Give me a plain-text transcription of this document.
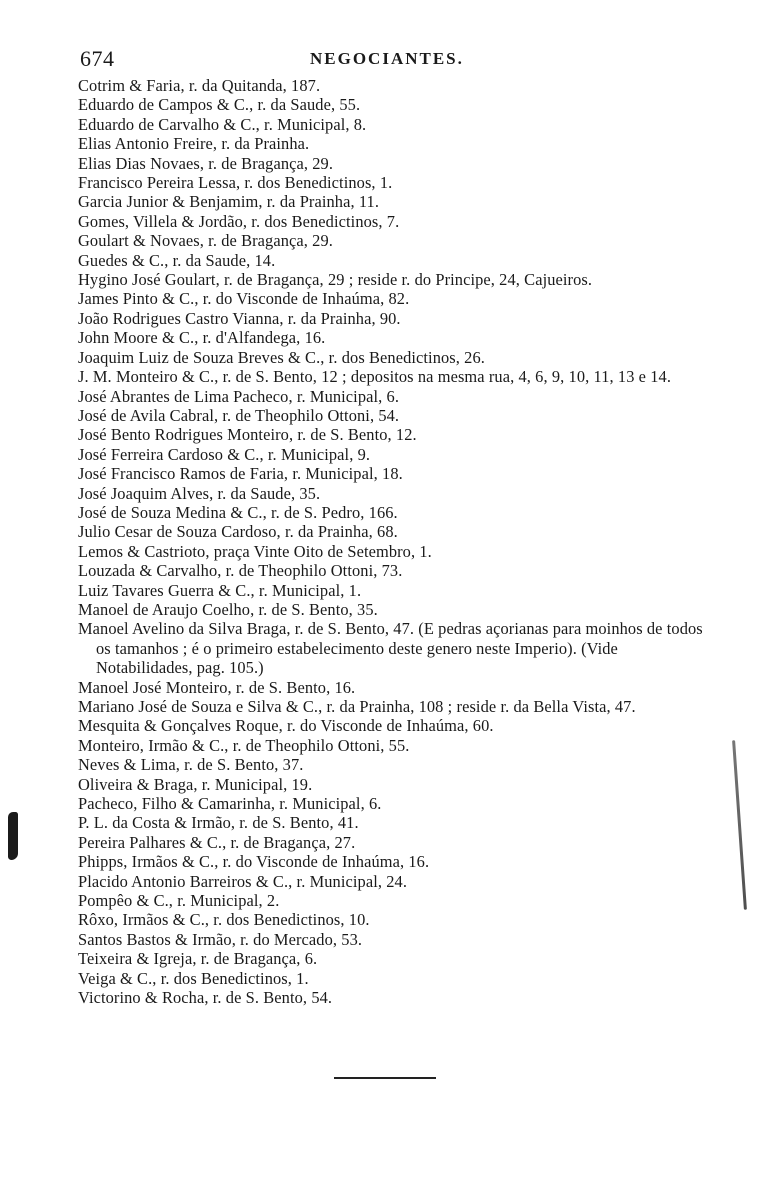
674	NEGOCIANTES.
Cotrim & Faria, r. da Quitanda, 187.
Eduardo de Campos & C., r. da Saude, 55.
Eduardo de Carvalho & C., r. Municipal, 8.
Elias Antonio Freire, r. da Prainha.
Elias Dias Novaes, r. de Bragança, 29.
Francisco Pereira Lessa, r. dos Benedictinos, 1.
Garcia Junior & Benjamim, r. da Prainha, 11.
Gomes, Villela & Jordão, r. dos Benedictinos, 7.
Goulart & Novaes, r. de Bragança, 29.
Guedes & C., r. da Saude, 14.
Hygino José Goulart, r. de Bragança, 29 ; reside r. do Principe, 24, Cajueiros.
James Pinto & C., r. do Visconde de Inhaúma, 82.
João Rodrigues Castro Vianna, r. da Prainha, 90.
John Moore & C., r. d'Alfandega, 16.
Joaquim Luiz de Souza Breves & C., r. dos Benedictinos, 26.
J. M. Monteiro & C., r. de S. Bento, 12 ; depositos na mesma rua, 4, 6, 9, 10, 11, 13 e 14.
José Abrantes de Lima Pacheco, r. Municipal, 6.
José de Avila Cabral, r. de Theophilo Ottoni, 54.
José Bento Rodrigues Monteiro, r. de S. Bento, 12.
José Ferreira Cardoso & C., r. Municipal, 9.
José Francisco Ramos de Faria, r. Municipal, 18.
José Joaquim Alves, r. da Saude, 35.
José de Souza Medina & C., r. de S. Pedro, 166.
Julio Cesar de Souza Cardoso, r. da Prainha, 68.
Lemos & Castrioto, praça Vinte Oito de Setembro, 1.
Louzada & Carvalho, r. de Theophilo Ottoni, 73.
Luiz Tavares Guerra & C., r. Municipal, 1.
Manoel de Araujo Coelho, r. de S. Bento, 35.
Manoel Avelino da Silva Braga, r. de S. Bento, 47. (E pedras açorianas para moinhos de todos os tamanhos ; é o primeiro estabelecimento deste genero neste Imperio). (Vide Notabilidades, pag. 105.)
Manoel José Monteiro, r. de S. Bento, 16.
Mariano José de Souza e Silva & C., r. da Prainha, 108 ; reside r. da Bella Vista, 47.
Mesquita & Gonçalves Roque, r. do Visconde de Inhaúma, 60.
Monteiro, Irmão & C., r. de Theophilo Ottoni, 55.
Neves & Lima, r. de S. Bento, 37.
Oliveira & Braga, r. Municipal, 19.
Pacheco, Filho & Camarinha, r. Municipal, 6.
P. L. da Costa & Irmão, r. de S. Bento, 41.
Pereira Palhares & C., r. de Bragança, 27.
Phipps, Irmãos & C., r. do Visconde de Inhaúma, 16.
Placido Antonio Barreiros & C., r. Municipal, 24.
Pompêo & C., r. Municipal, 2.
Rôxo, Irmãos & C., r. dos Benedictinos, 10.
Santos Bastos & Irmão, r. do Mercado, 53.
Teixeira & Igreja, r. de Bragança, 6.
Veiga & C., r. dos Benedictinos, 1.
Victorino & Rocha, r. de S. Bento, 54.
